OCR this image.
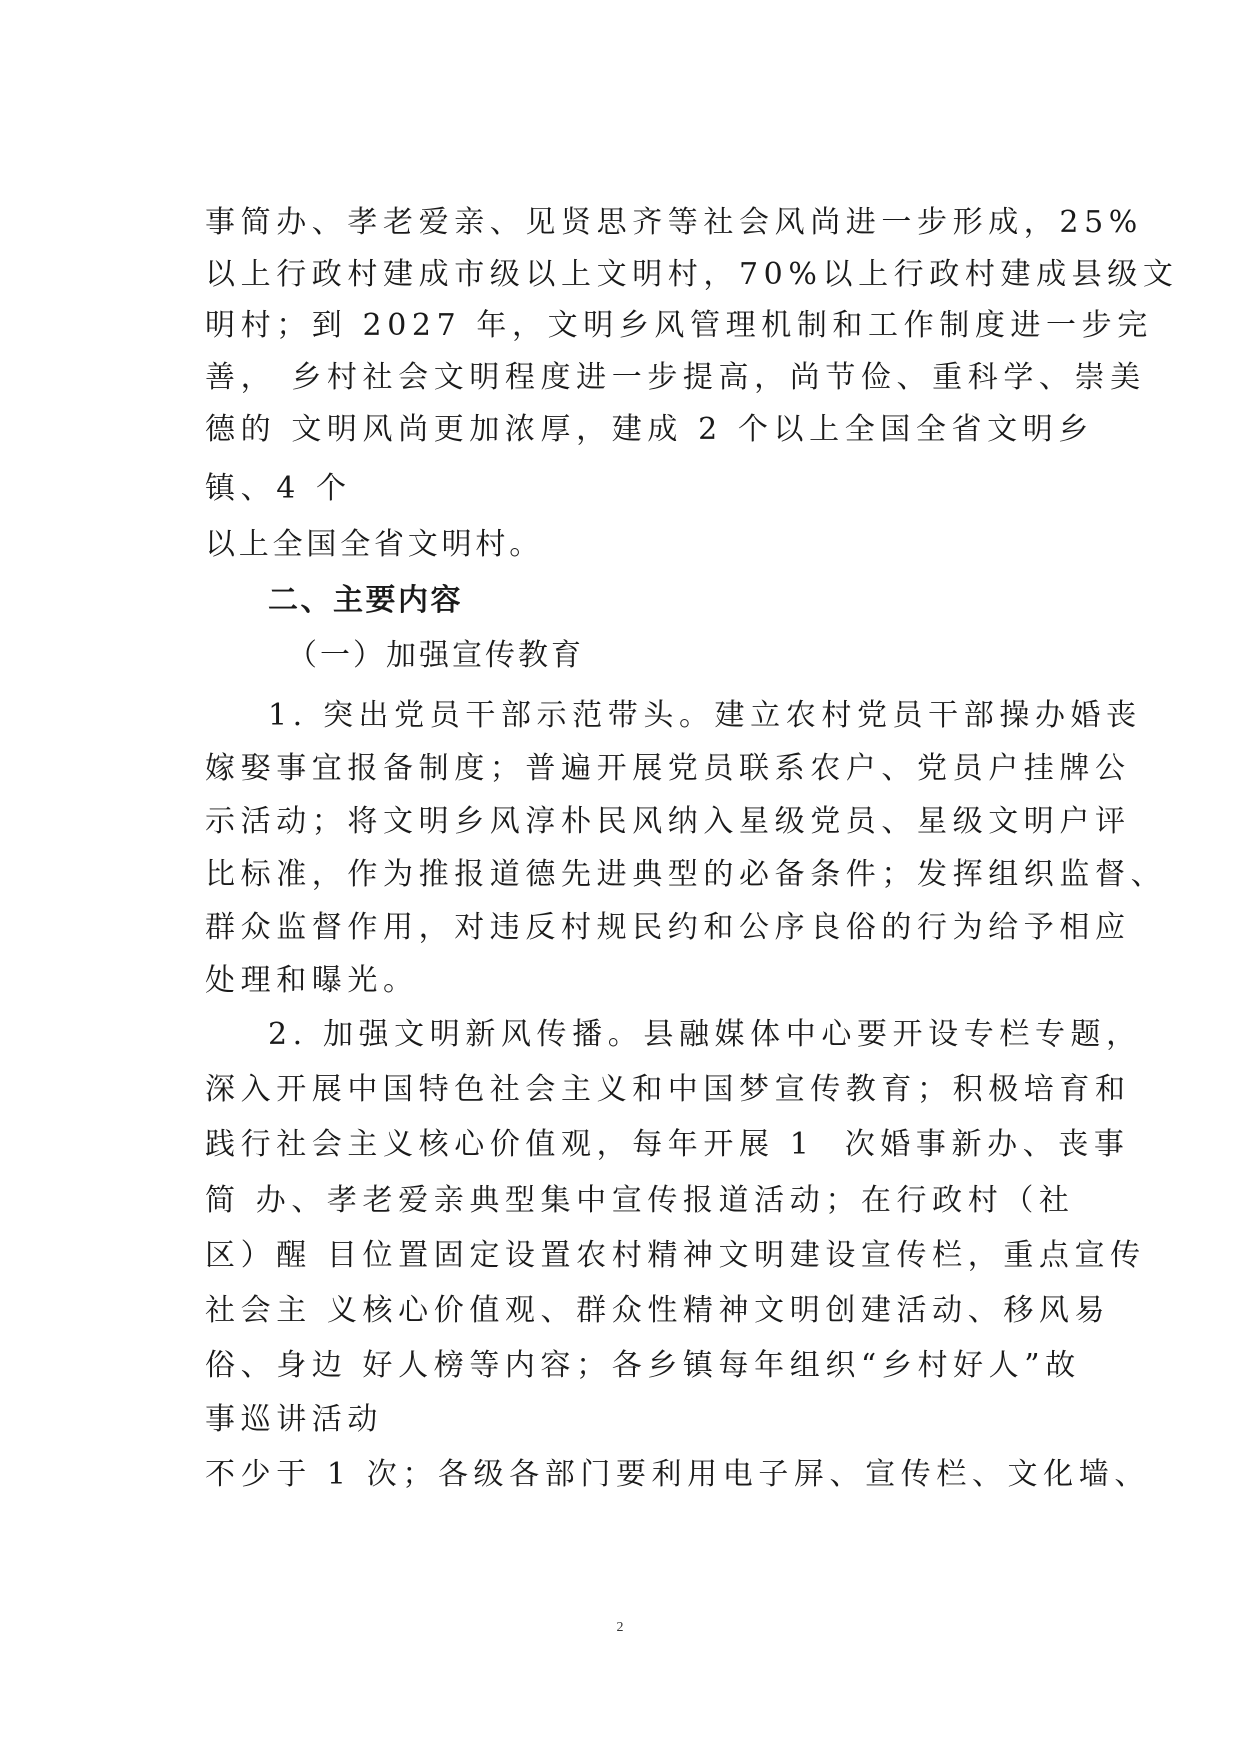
事简办、孝老爱亲、见贤思齐等社会风尚进一步形成，25%
以上行政村建成市级以上文明村，70%以上行政村建成县级文
明村；到 2027 年，文明乡风管理机制和工作制度进一步完
善， 乡村社会文明程度进一步提高，尚节俭、重科学、崇美
德的 文明风尚更加浓厚，建成 2 个以上全国全省文明乡
镇、4 个
以上全国全省文明村。
二、主要内容
（一）加强宣传教育
1. 突出党员干部示范带头。建立农村党员干部操办婚丧
嫁娶事宜报备制度；普遍开展党员联系农户、党员户挂牌公
示活动；将文明乡风淳朴民风纳入星级党员、星级文明户评
比标准，作为推报道德先进典型的必备条件；发挥组织监督、
群众监督作用，对违反村规民约和公序良俗的行为给予相应
处理和曝光。
2. 加强文明新风传播。县融媒体中心要开设专栏专题，
深入开展中国特色社会主义和中国梦宣传教育；积极培育和
践行社会主义核心价值观，每年开展 1  次婚事新办、丧事
简 办、孝老爱亲典型集中宣传报道活动；在行政村（社
区）醒 目位置固定设置农村精神文明建设宣传栏，重点宣传
社会主 义核心价值观、群众性精神文明创建活动、移风易
俗、身边 好人榜等内容；各乡镇每年组织“乡村好人”故
事巡讲活动
不少于 1 次；各级各部门要利用电子屏、宣传栏、文化墙、
2
